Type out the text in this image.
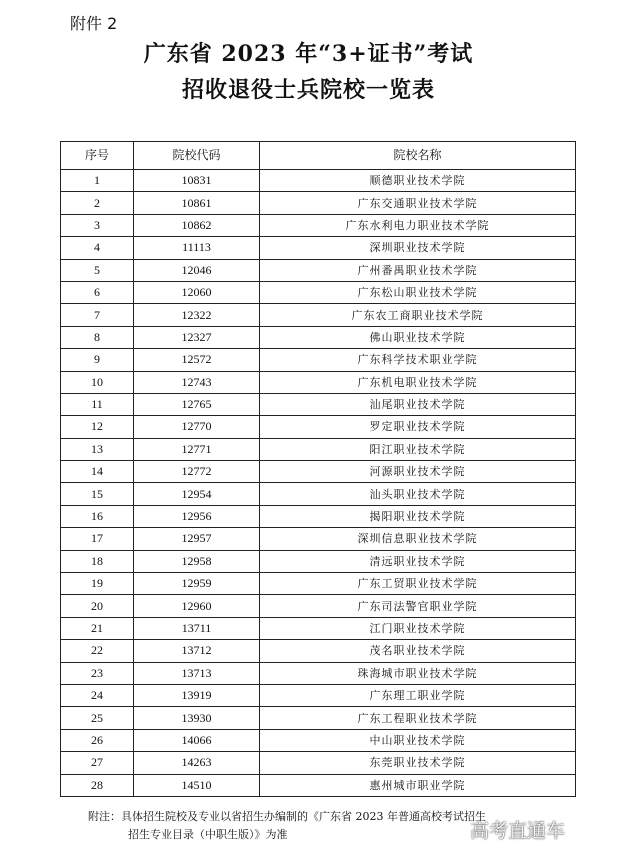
附件 2
广东省 2023 年“3+证书”考试
招收退役士兵院校一览表
序号	院校代码	院校名称
1	10831	顺德职业技术学院
2	10861	广东交通职业技术学院
3	10862	广东水利电力职业技术学院
4	11113	深圳职业技术学院
5	12046	广州番禺职业技术学院
6	12060	广东松山职业技术学院
7	12322	广东农工商职业技术学院
8	12327	佛山职业技术学院
9	12572	广东科学技术职业学院
10	12743	广东机电职业技术学院
11	12765	汕尾职业技术学院
12	12770	罗定职业技术学院
13	12771	阳江职业技术学院
14	12772	河源职业技术学院
15	12954	汕头职业技术学院
16	12956	揭阳职业技术学院
17	12957	深圳信息职业技术学院
18	12958	清远职业技术学院
19	12959	广东工贸职业技术学院
20	12960	广东司法警官职业学院
21	13711	江门职业技术学院
22	13712	茂名职业技术学院
23	13713	珠海城市职业技术学院
24	13919	广东理工职业学院
25	13930	广东工程职业技术学院
26	14066	中山职业技术学院
27	14263	东莞职业技术学院
28	14510	惠州城市职业学院
附注：具体招生院校及专业以省招生办编制的《广东省 2023 年普通高校考试招生
招生专业目录（中职生版）》为准	高考直通车
